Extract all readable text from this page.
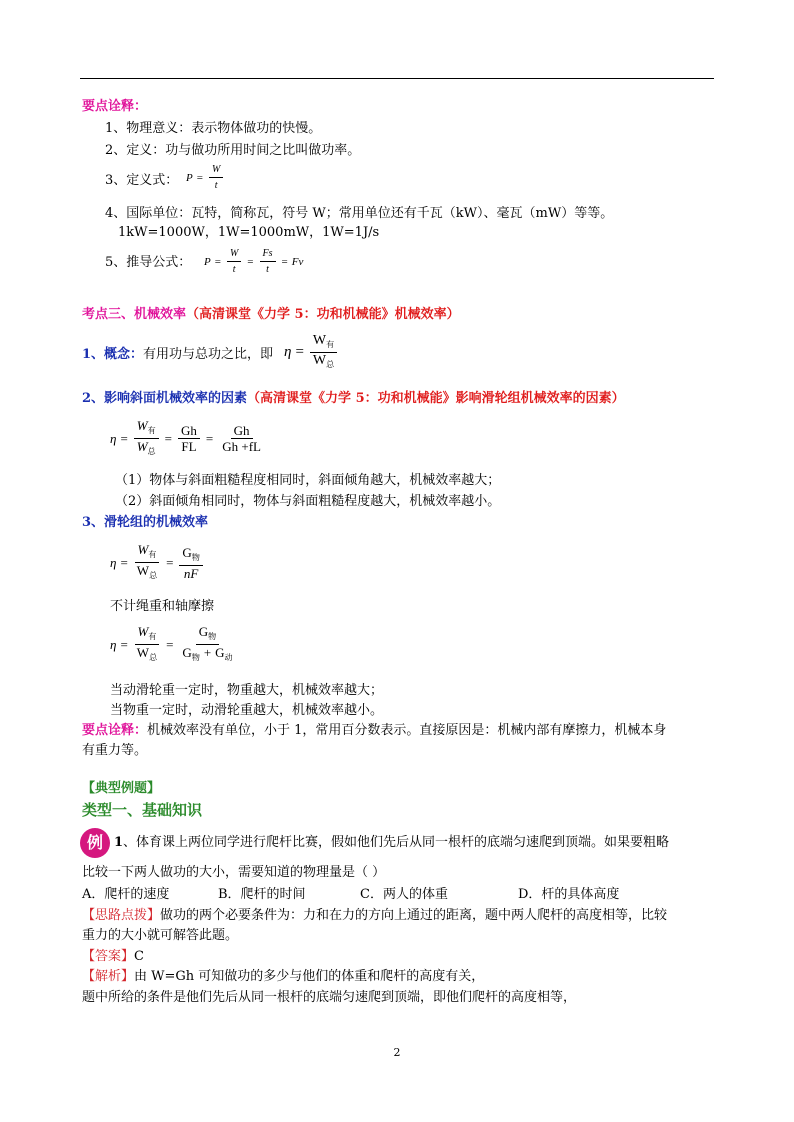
要点诠释：
1、物理意义：表示物体做功的快慢。
2、定义：功与做功所用时间之比叫做功率。
3、定义式： $P = \frac{W}{t}$
4、国际单位：瓦特，简称瓦，符号 W；常用单位还有千瓦（kW）、毫瓦（mW）等等。
1kW=1000W，1W=1000mW，1W=1J/s
5、推导公式： $P = \frac{W}{t} = \frac{Fs}{t} = Fv$
考点三、机械效率（高清课堂《力学 5：功和机械能》机械效率）
1、概念：有用功与总功之比，即 $\eta = \frac{W_有}{W_总}$
2、影响斜面机械效率的因素（高清课堂《力学 5：功和机械能》影响滑轮组机械效率的因素）
$\eta = \frac{W_有}{W_总} = \frac{Gh}{FL} = \frac{Gh}{Gh +fL}$
（1）物体与斜面粗糙程度相同时，斜面倾角越大，机械效率越大；
（2）斜面倾角相同时，物体与斜面粗糙程度越大，机械效率越小。
3、滑轮组的机械效率
$\eta = \frac{W_有}{W_总} = \frac{G_物}{nF}$
不计绳重和轴摩擦
$\eta = \frac{W_有}{W_总} = \frac{G_物}{G_物 + G_动}$
当动滑轮重一定时，物重越大，机械效率越大；
当物重一定时，动滑轮重越大，机械效率越小。
要点诠释：机械效率没有单位，小于 1，常用百分数表示。直接原因是：机械内部有摩擦力，机械本身
有重力等。
【典型例题】
类型一、基础知识
例 1、体育课上两位同学进行爬杆比赛，假如他们先后从同一根杆的底端匀速爬到顶端。如果要粗略
比较一下两人做功的大小，需要知道的物理量是（ ）
A．爬杆的速度	B．爬杆的时间	C．两人的体重	D．杆的具体高度
【思路点拨】做功的两个必要条件为：力和在力的方向上通过的距离，题中两人爬杆的高度相等，比较
重力的大小就可解答此题。
【答案】C
【解析】由 W=Gh 可知做功的多少与他们的体重和爬杆的高度有关，
题中所给的条件是他们先后从同一根杆的底端匀速爬到顶端，即他们爬杆的高度相等，
2
